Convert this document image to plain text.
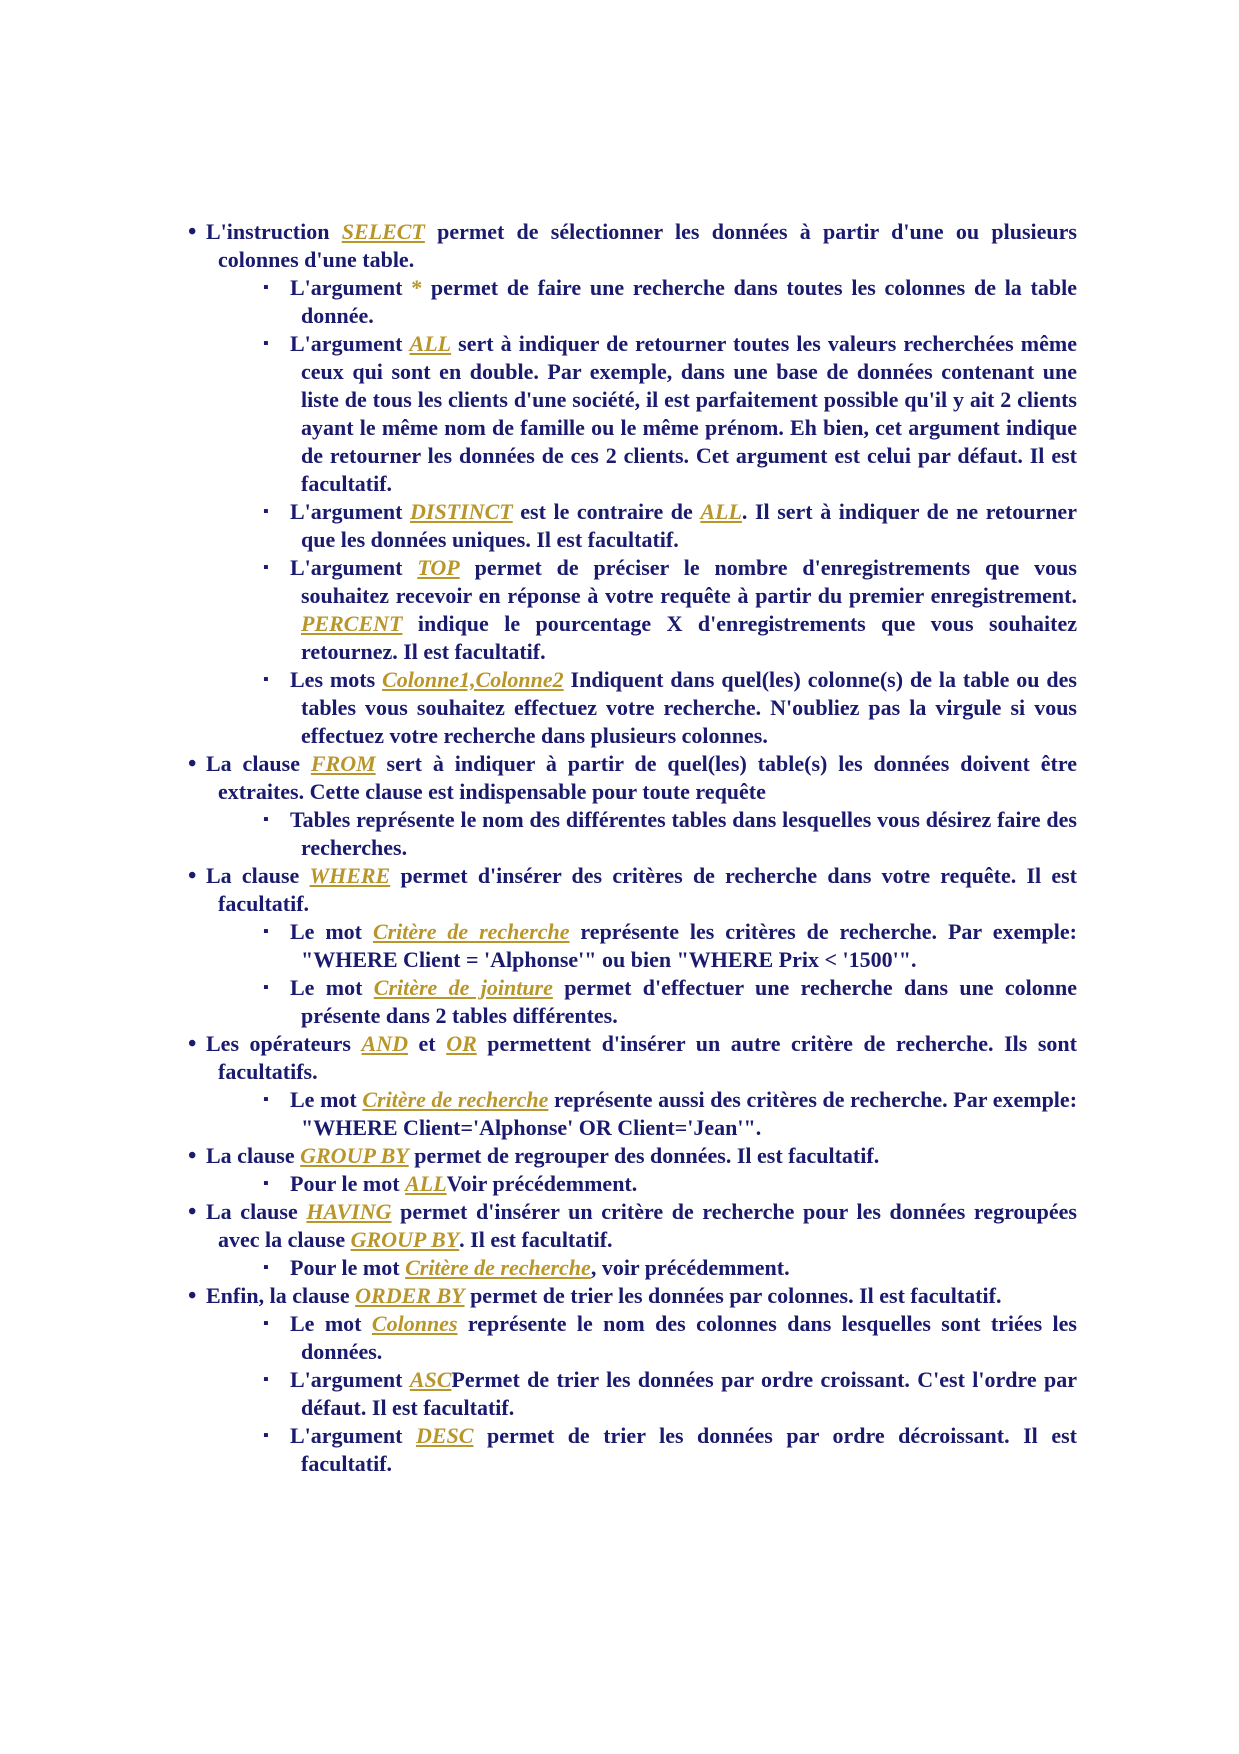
• L'instruction SELECT permet de sélectionner les données à partir d'une ou plusieurs colonnes d'une table.
▪ L'argument * permet de faire une recherche dans toutes les colonnes de la table donnée.
▪ L'argument ALL sert à indiquer de retourner toutes les valeurs recherchées même ceux qui sont en double. Par exemple, dans une base de données contenant une liste de tous les clients d'une société, il est parfaitement possible qu'il y ait 2 clients ayant le même nom de famille ou le même prénom. Eh bien, cet argument indique de retourner les données de ces 2 clients. Cet argument est celui par défaut. Il est facultatif.
▪ L'argument DISTINCT est le contraire de ALL. Il sert à indiquer de ne retourner que les données uniques. Il est facultatif.
▪ L'argument TOP permet de préciser le nombre d'enregistrements que vous souhaitez recevoir en réponse à votre requête à partir du premier enregistrement. PERCENT indique le pourcentage X d'enregistrements que vous souhaitez retournez. Il est facultatif.
▪ Les mots Colonne1,Colonne2 Indiquent dans quel(les) colonne(s) de la table ou des tables vous souhaitez effectuez votre recherche. N'oubliez pas la virgule si vous effectuez votre recherche dans plusieurs colonnes.
• La clause FROM sert à indiquer à partir de quel(les) table(s) les données doivent être extraites. Cette clause est indispensable pour toute requête
▪ Tables représente le nom des différentes tables dans lesquelles vous désirez faire des recherches.
• La clause WHERE permet d'insérer des critères de recherche dans votre requête. Il est facultatif.
▪ Le mot Critère de recherche représente les critères de recherche. Par exemple: "WHERE Client = 'Alphonse'" ou bien "WHERE Prix < '1500'".
▪ Le mot Critère de jointure permet d'effectuer une recherche dans une colonne présente dans 2 tables différentes.
• Les opérateurs AND et OR permettent d'insérer un autre critère de recherche. Ils sont facultatifs.
▪ Le mot Critère de recherche représente aussi des critères de recherche. Par exemple: "WHERE Client='Alphonse' OR Client='Jean'".
• La clause GROUP BY permet de regrouper des données. Il est facultatif.
▪ Pour le mot ALLVoir précédemment.
• La clause HAVING permet d'insérer un critère de recherche pour les données regroupées avec la clause GROUP BY. Il est facultatif.
▪ Pour le mot Critère de recherche, voir précédemment.
• Enfin, la clause ORDER BY permet de trier les données par colonnes. Il est facultatif.
▪ Le mot Colonnes représente le nom des colonnes dans lesquelles sont triées les données.
▪ L'argument ASCPermet de trier les données par ordre croissant. C'est l'ordre par défaut. Il est facultatif.
▪ L'argument DESC permet de trier les données par ordre décroissant. Il est facultatif.
